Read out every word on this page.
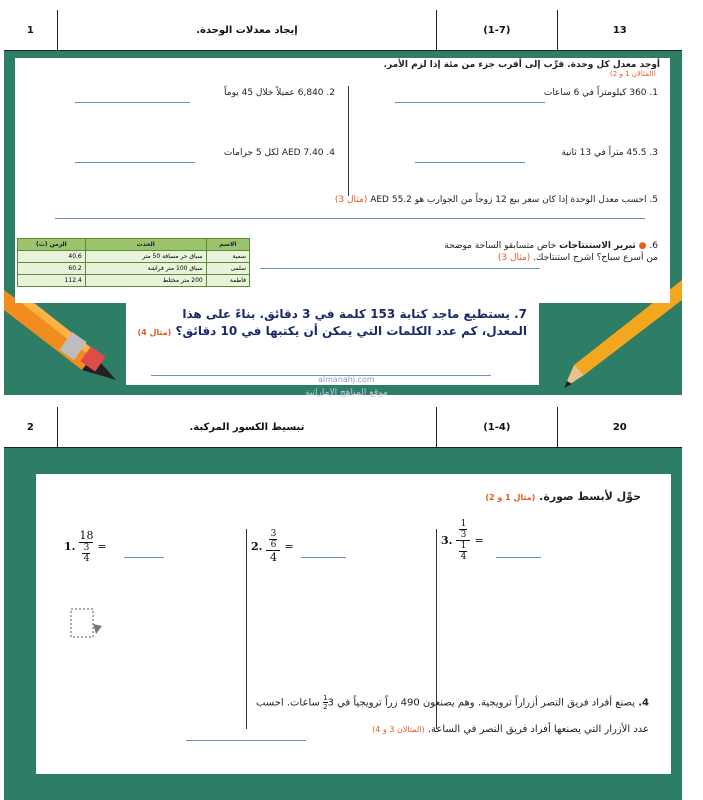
13
(1-7)
إيجاد معدلات الوحدة.
1
أوجد معدل كل وحدة. قرِّب إلى أقرب جزء من مئة إذا لزم الأمر.
(المثالان 1 و 2)
1. 360 كيلومتراً في 6 ساعات
2. 6,840 عميلاً خلال 45 يوماً
3. 45.5 متراً في 13 ثانية
4. AED 7.40 لكل 5 جرامات
5. احسب معدل الوحدة إذا كان سعر بيع 12 زوجاً من الجوارب هو AED 55.2 (مثال 3)
6. ● تبرير الاستنتاجات خاض متسابقو الساحة موضحة
من أسرع سباح؟ اشرح استنتاجك. (مثال 3)
الاسم	الحدث	الزمن (ث)
سمية	سباق حر مسافة 50 متر	40.6
سلمى	سباق 100 متر فراشة	60.2
فاطمة	200 متر مختلط	112.4
7. يستطيع ماجد كتابة 153 كلمة في 3 دقائق. بناءً على هذا المعدل، كم عدد الكلمات التي يمكن أن يكتبها في 10 دقائق؟ (مثال 4)
برنامج محمد
almanahj.com
موقع المناهج الإماراتية
20
(1-4)
تبسيط الكسور المركبة.
2
حوِّل لأبسط صورة. (مثال 1 و 2)
1.
18
3
4
=	2.
3
6
4
=	3.
1
3
1
4
=
4. يصنع أفراد فريق النصر أزراراً ترويجية. وهم يصنعون 490 زراً ترويجياً في 3
$\frac{1}{2}$
ساعات. احسب
عدد الأزرار التي يصنعها أفراد فريق النصر في الساعة. (المثالان 3 و 4)
